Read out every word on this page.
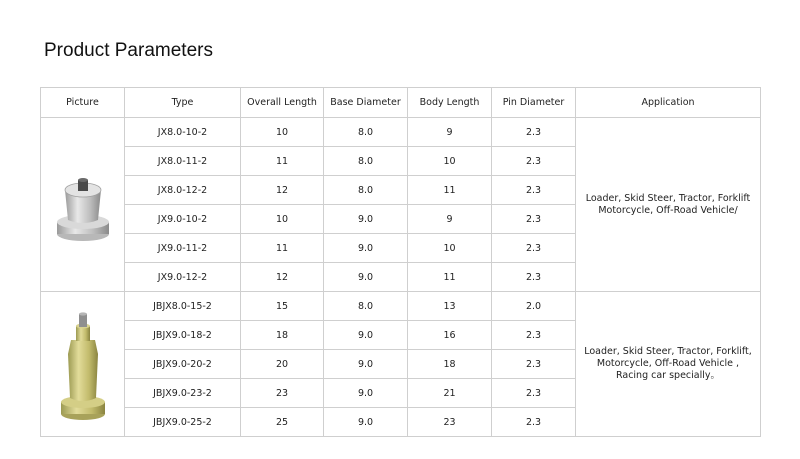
Product Parameters
Picture	Type	Overall Length	Base Diameter	Body Length	Pin Diameter	Application

	JX8.0-10-2	10	8.0	9	2.3	Loader, Skid Steer, Tractor, Forklift
Motorcycle, Off-Road Vehicle/

	JX8.0-11-2	11	8.0	10	2.3	
	JX8.0-12-2	12	8.0	11	2.3	
	JX9.0-10-2	10	9.0	9	2.3	
	JX9.0-11-2	11	9.0	10	2.3	
	JX9.0-12-2	12	9.0	11	2.3	

	JBJX8.0-15-2	15	8.0	13	2.0	Loader, Skid Steer, Tractor, Forklift,
Motorcycle, Off-Road Vehicle ,
Racing car specially。

	JBJX9.0-18-2	18	9.0	16	2.3	
	JBJX9.0-20-2	20	9.0	18	2.3	
	JBJX9.0-23-2	23	9.0	21	2.3	
	JBJX9.0-25-2	25	9.0	23	2.3	
